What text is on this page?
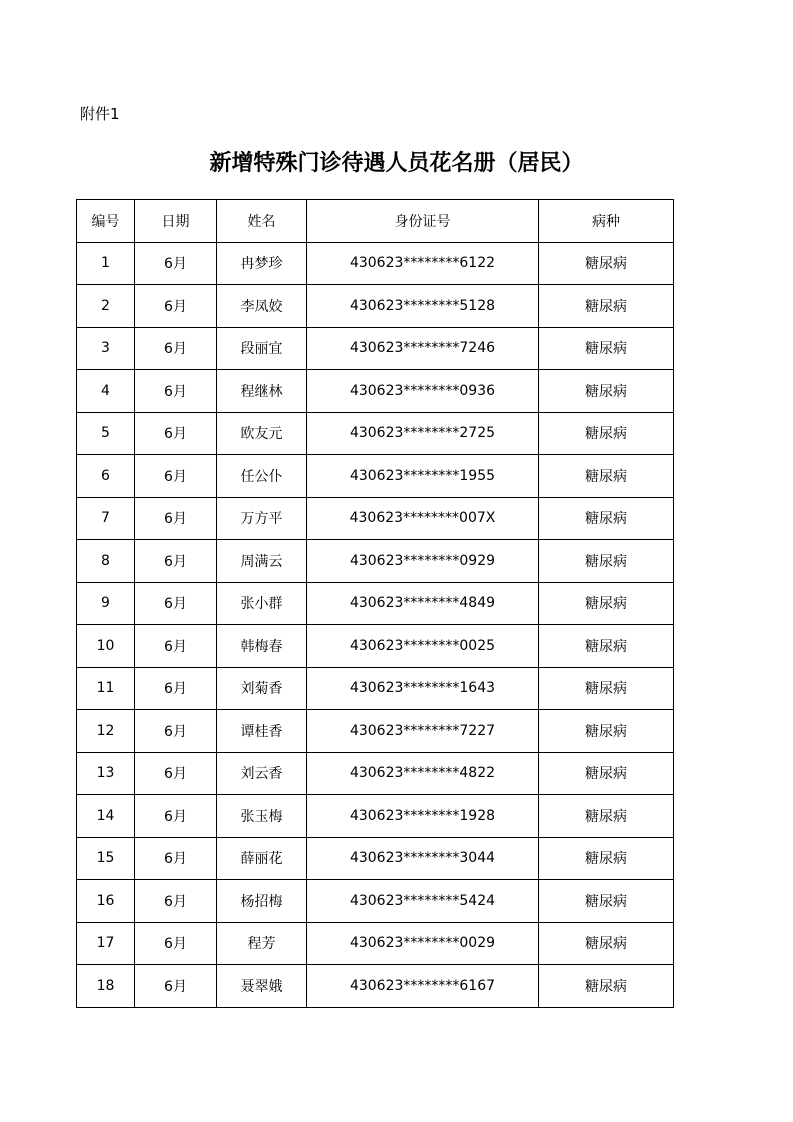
附件1
新增特殊门诊待遇人员花名册（居民）
编号	日期	姓名	身份证号	病种
1	6月	冉梦珍	430623********6122	糖尿病
2	6月	李凤姣	430623********5128	糖尿病
3	6月	段丽宜	430623********7246	糖尿病
4	6月	程继林	430623********0936	糖尿病
5	6月	欧友元	430623********2725	糖尿病
6	6月	任公仆	430623********1955	糖尿病
7	6月	万方平	430623********007X	糖尿病
8	6月	周满云	430623********0929	糖尿病
9	6月	张小群	430623********4849	糖尿病
10	6月	韩梅春	430623********0025	糖尿病
11	6月	刘菊香	430623********1643	糖尿病
12	6月	谭桂香	430623********7227	糖尿病
13	6月	刘云香	430623********4822	糖尿病
14	6月	张玉梅	430623********1928	糖尿病
15	6月	薛丽花	430623********3044	糖尿病
16	6月	杨招梅	430623********5424	糖尿病
17	6月	程芳	430623********0029	糖尿病
18	6月	聂翠娥	430623********6167	糖尿病
